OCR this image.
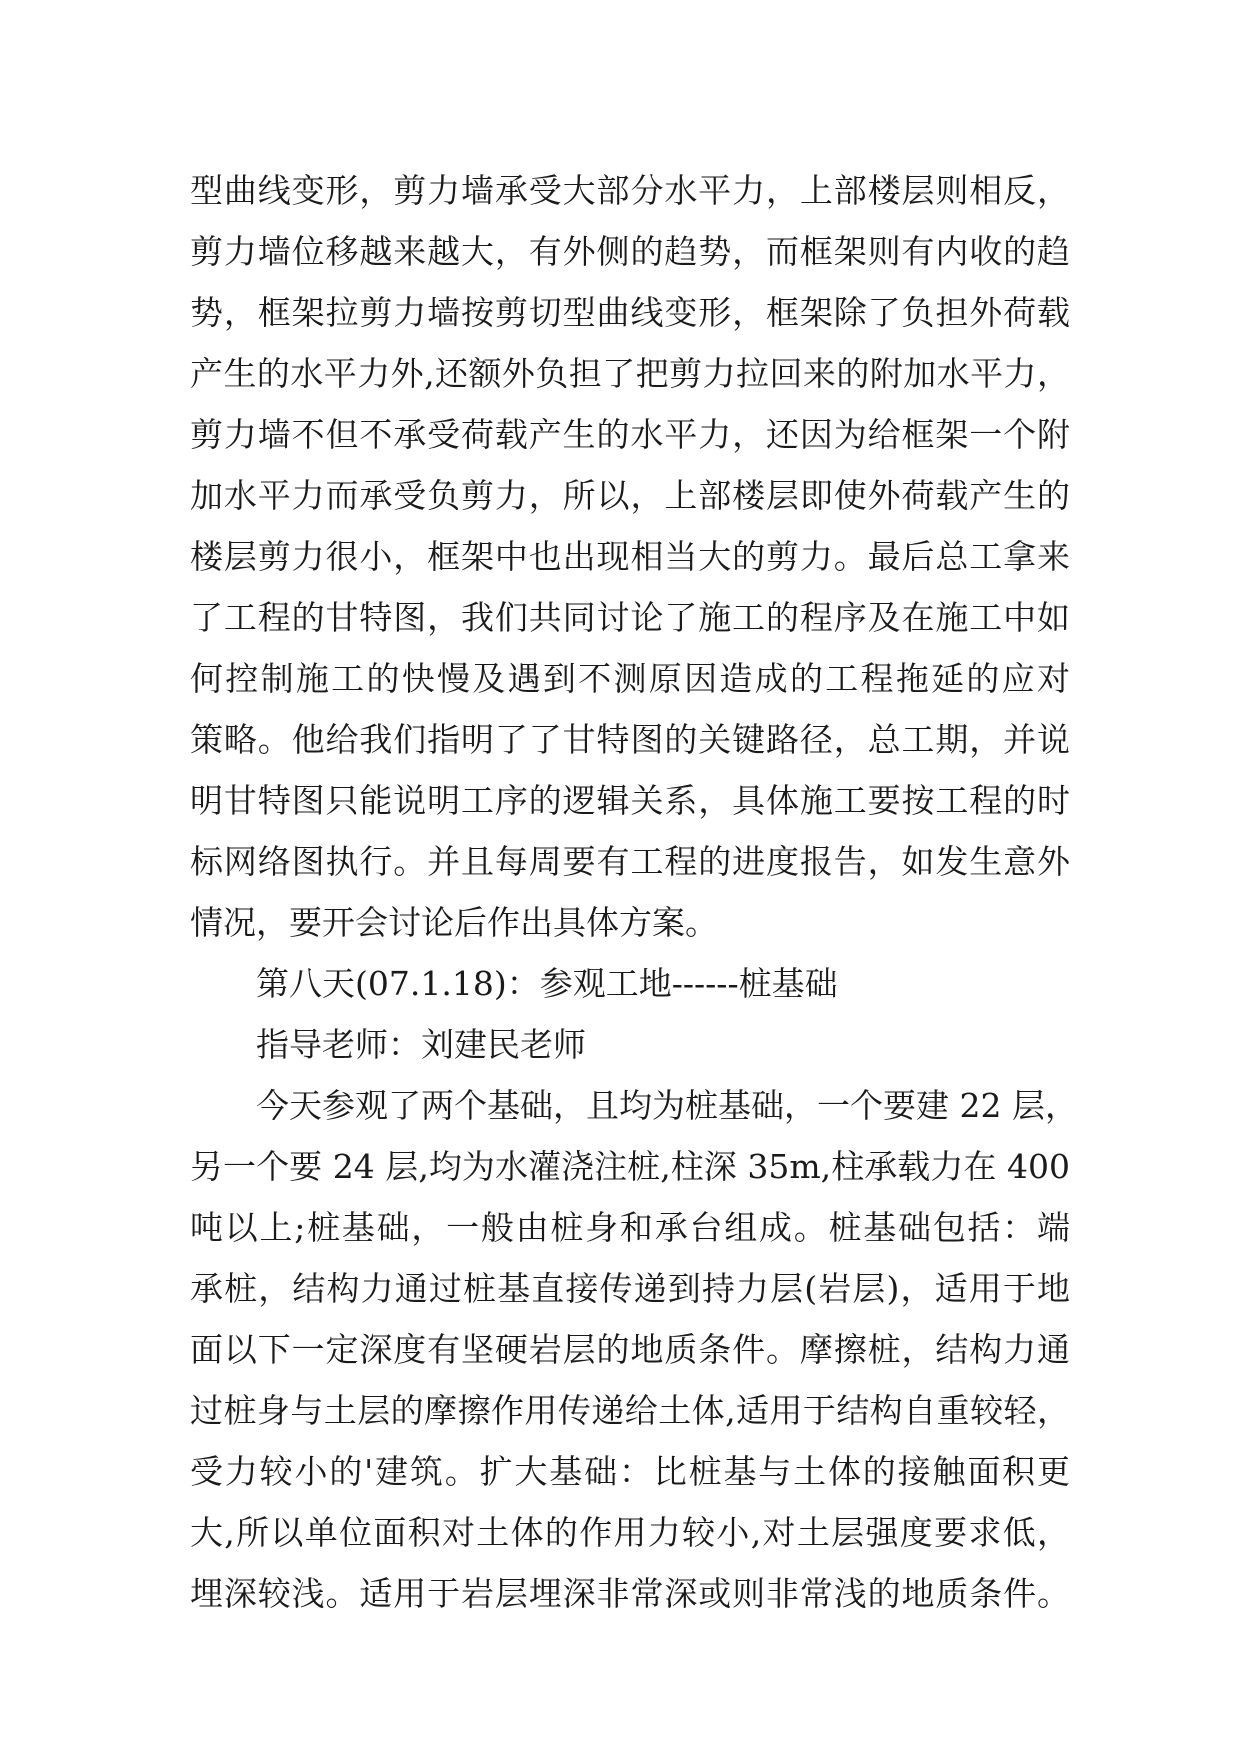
型曲线变形，剪力墙承受大部分水平力，上部楼层则相反，
剪力墙位移越来越大，有外侧的趋势，而框架则有内收的趋
势，框架拉剪力墙按剪切型曲线变形，框架除了负担外荷载
产生的水平力外,还额外负担了把剪力拉回来的附加水平力，
剪力墙不但不承受荷载产生的水平力，还因为给框架一个附
加水平力而承受负剪力，所以，上部楼层即使外荷载产生的
楼层剪力很小，框架中也出现相当大的剪力。最后总工拿来
了工程的甘特图，我们共同讨论了施工的程序及在施工中如
何控制施工的快慢及遇到不测原因造成的工程拖延的应对
策略。他给我们指明了了甘特图的关键路径，总工期，并说
明甘特图只能说明工序的逻辑关系，具体施工要按工程的时
标网络图执行。并且每周要有工程的进度报告，如发生意外
情况，要开会讨论后作出具体方案。
第八天(07.1.18)：参观工地------桩基础
指导老师：刘建民老师
今天参观了两个基础，且均为桩基础，一个要建 22 层，
另一个要 24 层,均为水灌浇注桩,柱深 35m,柱承载力在 400
吨以上;桩基础，一般由桩身和承台组成。桩基础包括：端
承桩，结构力通过桩基直接传递到持力层(岩层)，适用于地
面以下一定深度有坚硬岩层的地质条件。摩擦桩，结构力通
过桩身与土层的摩擦作用传递给土体,适用于结构自重较轻，
受力较小的'建筑。扩大基础：比桩基与土体的接触面积更
大,所以单位面积对土体的作用力较小,对土层强度要求低，
埋深较浅。适用于岩层埋深非常深或则非常浅的地质条件。
